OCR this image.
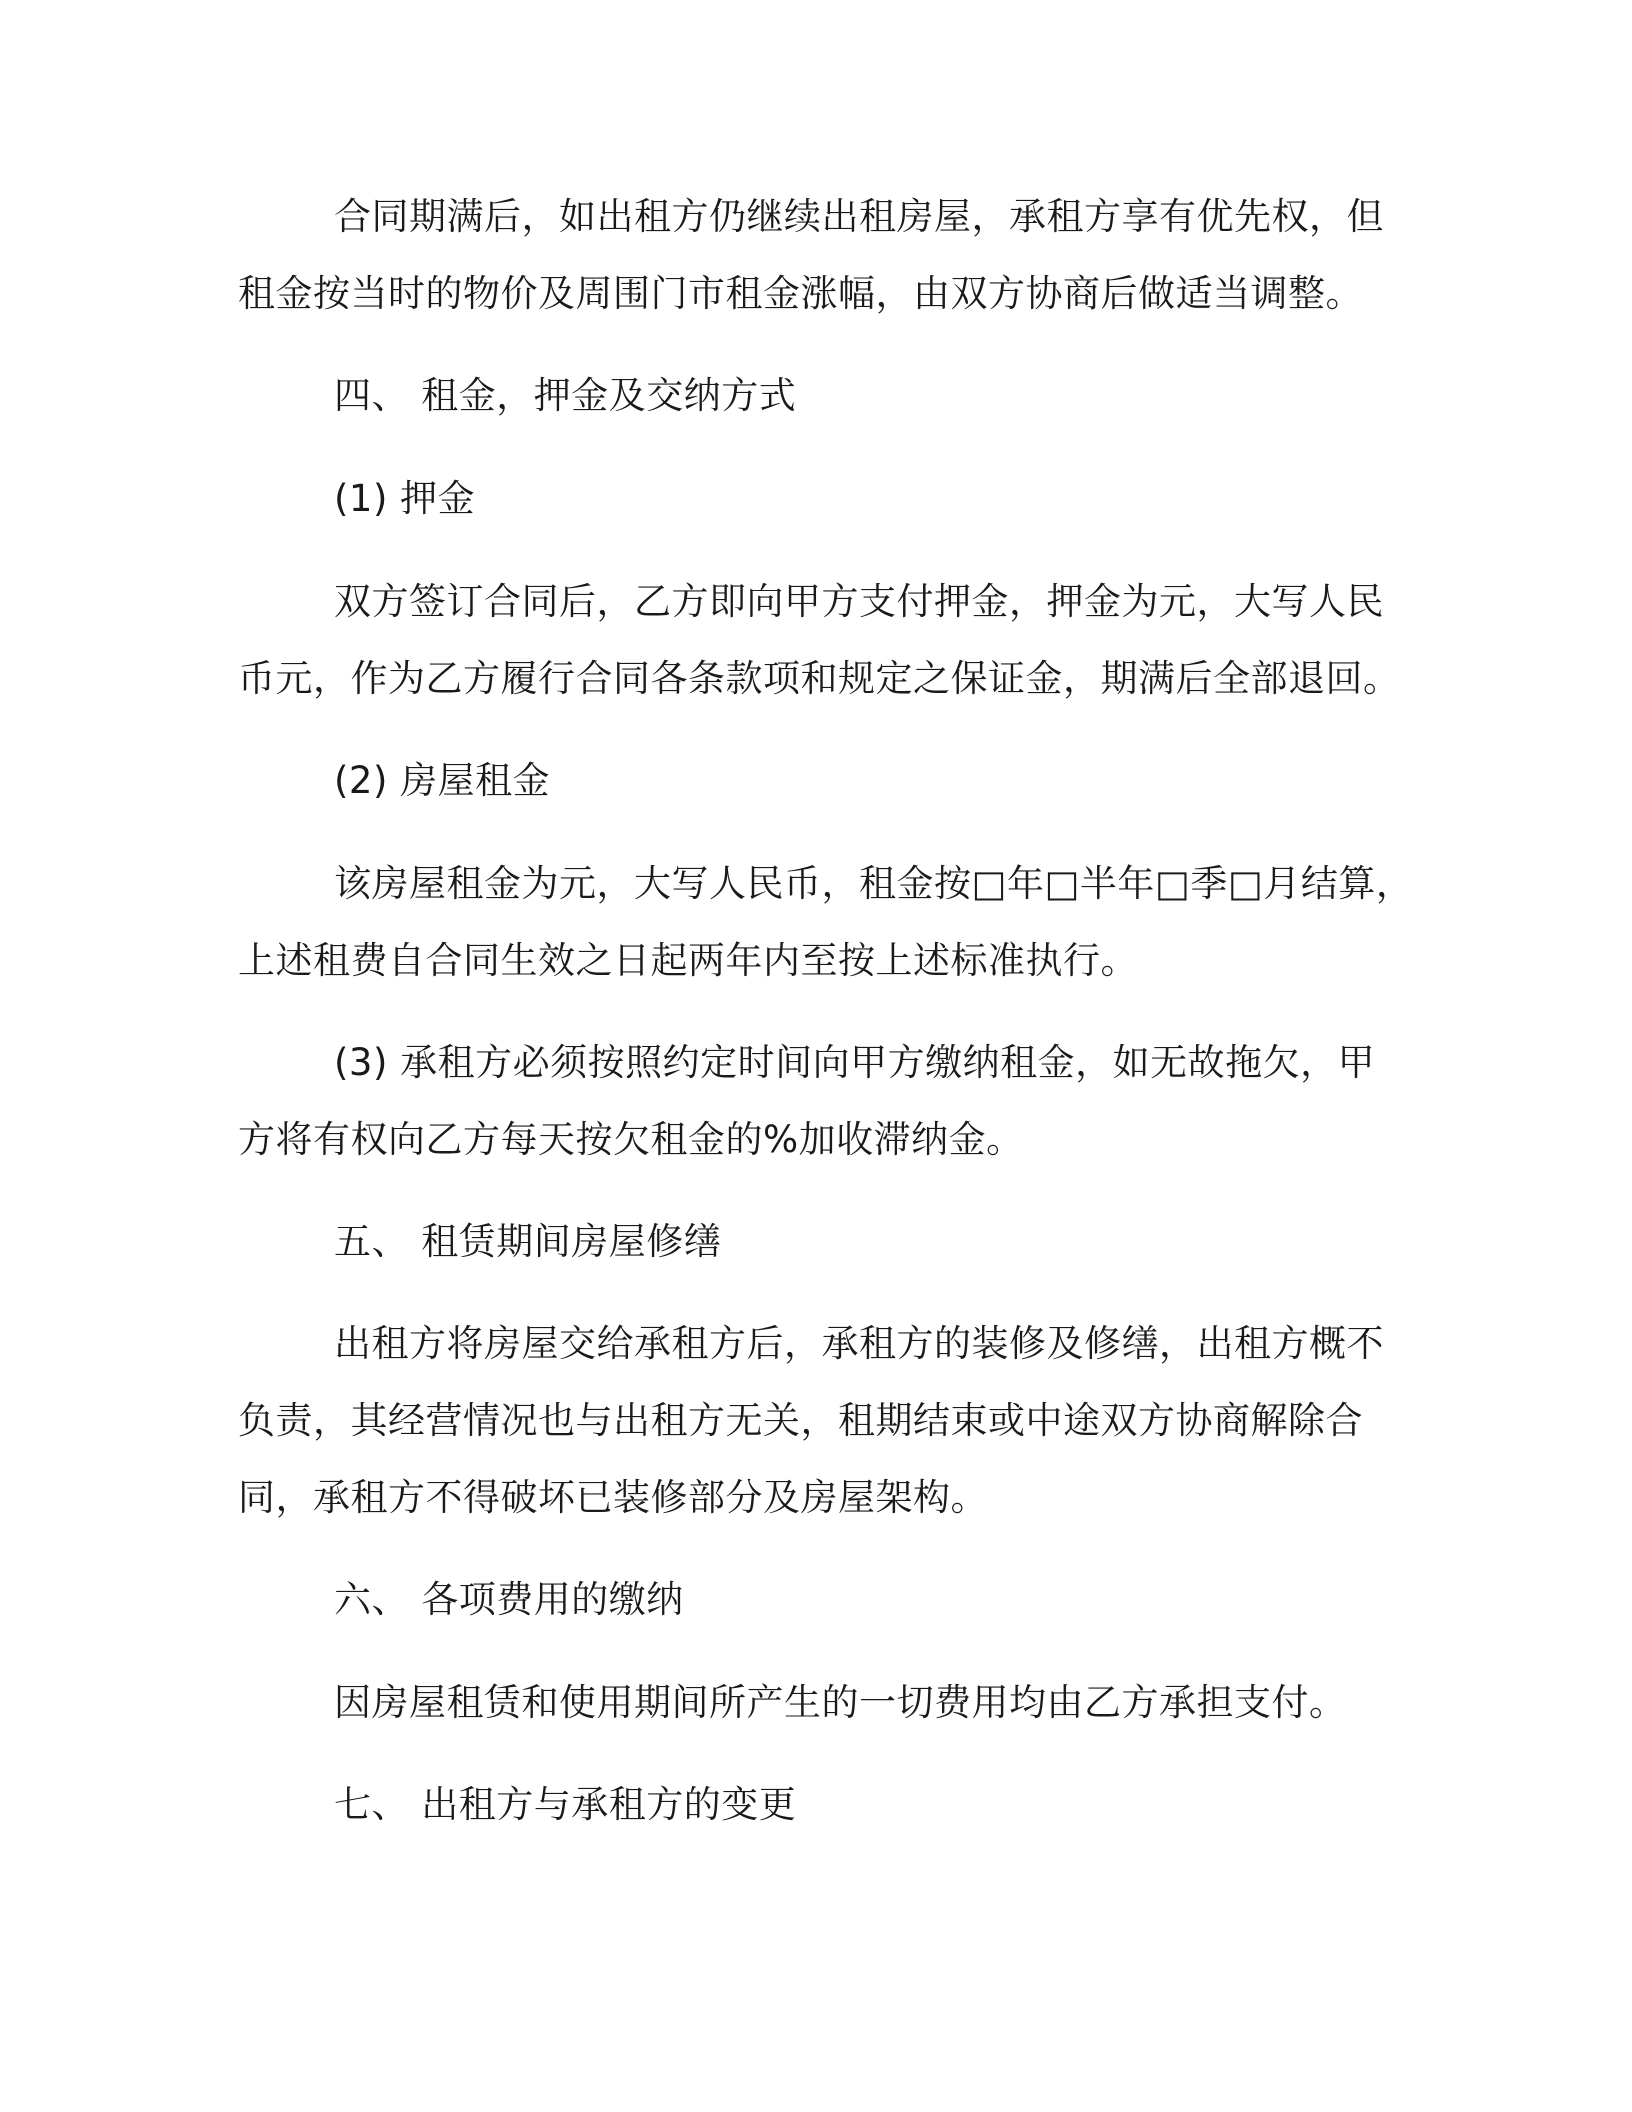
合同期满后，如出租方仍继续出租房屋，承租方享有优先权，但
租金按当时的物价及周围门市租金涨幅，由双方协商后做适当调整。
四、 租金，押金及交纳方式
(1) 押金
双方签订合同后，乙方即向甲方支付押金，押金为元，大写人民
币元，作为乙方履行合同各条款项和规定之保证金，期满后全部退回。
(2) 房屋租金
该房屋租金为元，大写人民币，租金按□年□半年□季□月结算，
上述租费自合同生效之日起两年内至按上述标准执行。
(3) 承租方必须按照约定时间向甲方缴纳租金，如无故拖欠，甲
方将有权向乙方每天按欠租金的%加收滞纳金。
五、 租赁期间房屋修缮
出租方将房屋交给承租方后，承租方的装修及修缮，出租方概不
负责，其经营情况也与出租方无关，租期结束或中途双方协商解除合
同，承租方不得破坏已装修部分及房屋架构。
六、 各项费用的缴纳
因房屋租赁和使用期间所产生的一切费用均由乙方承担支付。
七、 出租方与承租方的变更
